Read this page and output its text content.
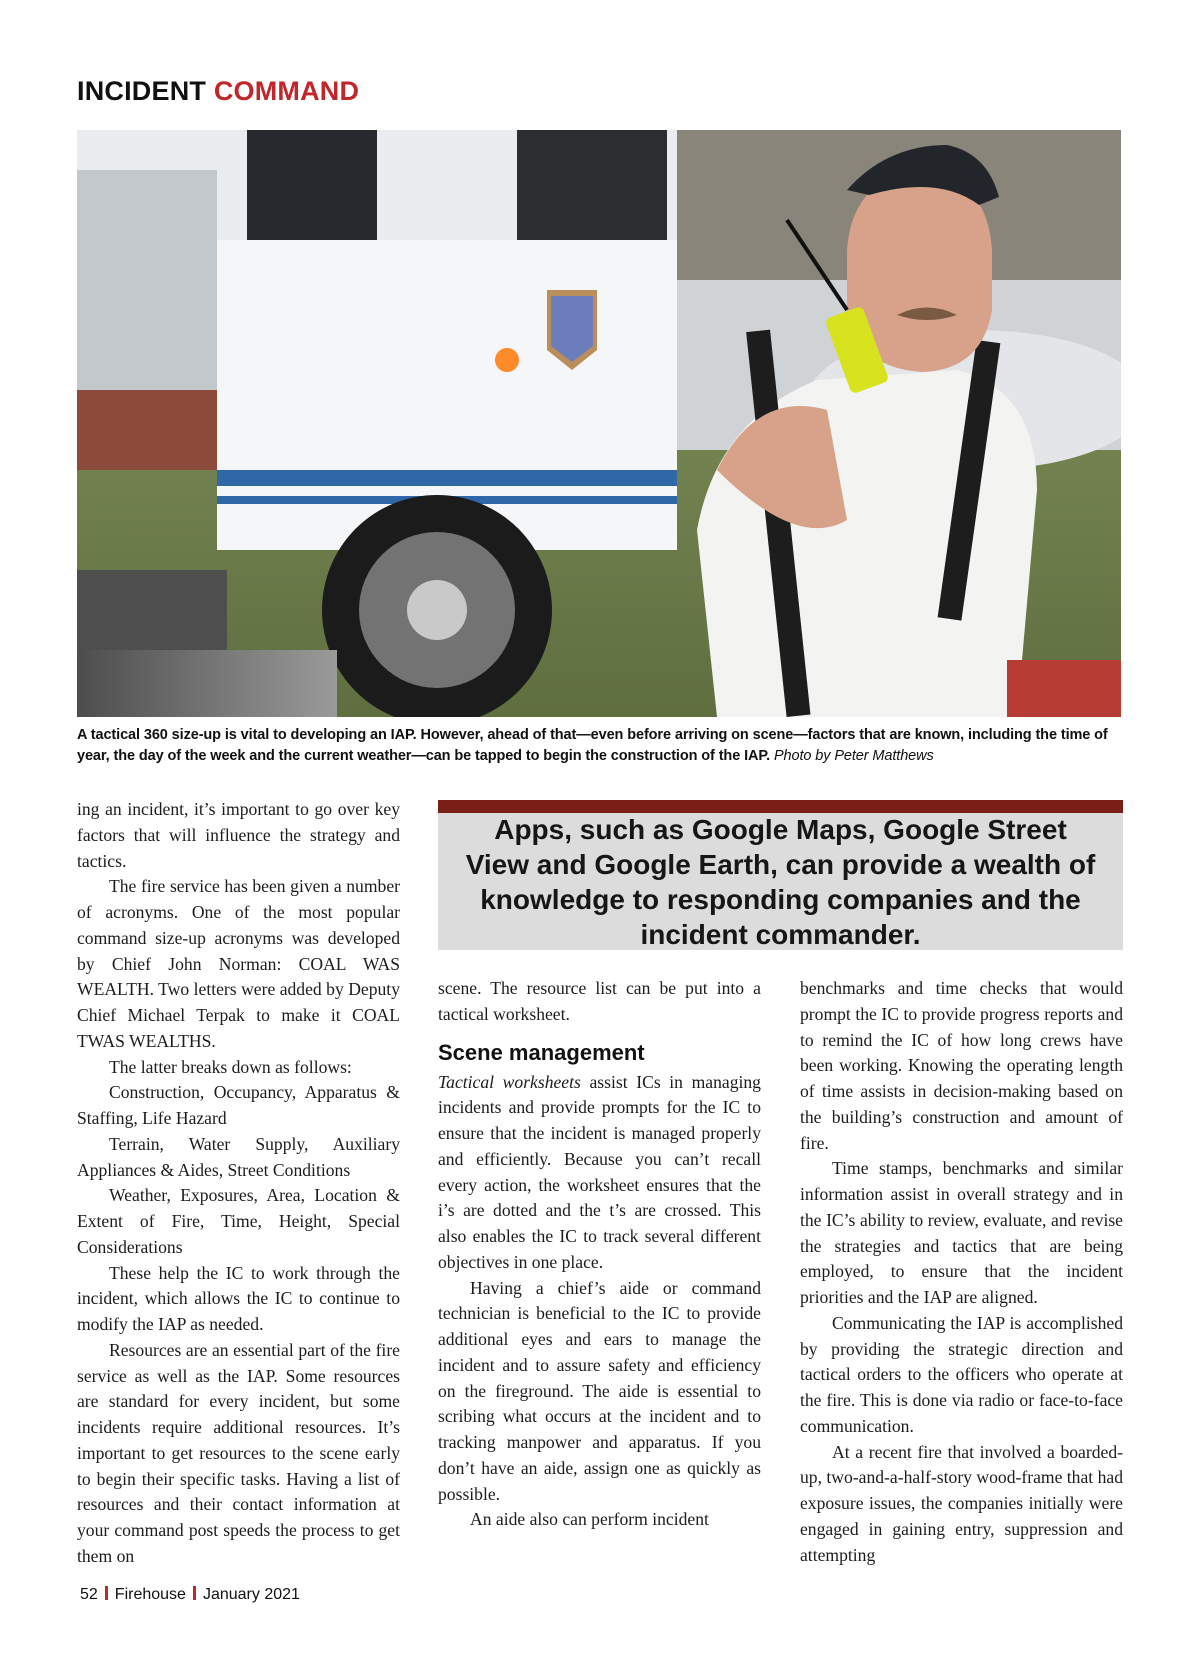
INCIDENT COMMAND
A tactical 360 size-up is vital to developing an IAP. However, ahead of that—even before arriving on scene—factors that are known, including the time of year, the day of the week and the current weather—can be tapped to begin the construction of the IAP. Photo by Peter Matthews

ing an incident, it’s important to go over key factors that will influence the strategy and tactics.

The fire service has been given a number of acronyms. One of the most popular command size-up acronyms was developed by Chief John Norman: COAL WAS WEALTH. Two letters were added by Deputy Chief Michael Terpak to make it COAL TWAS WEALTHS.

The latter breaks down as follows:

Construction, Occupancy, Apparatus & Staffing, Life Hazard

Terrain, Water Supply, Auxiliary Appliances & Aides, Street Conditions

Weather, Exposures, Area, Location & Extent of Fire, Time, Height, Special Considerations

These help the IC to work through the incident, which allows the IC to continue to modify the IAP as needed.

Resources are an essential part of the fire service as well as the IAP. Some resources are standard for every incident, but some incidents require additional resources. It’s important to get resources to the scene early to begin their specific tasks. Having a list of resources and their contact information at your command post speeds the process to get them on

Apps, such as Google Maps, Google Street View and Google Earth, can provide a wealth of knowledge to responding companies and the incident commander.

scene. The resource list can be put into a tactical worksheet.

Scene management

Tactical worksheets assist ICs in managing incidents and provide prompts for the IC to ensure that the incident is managed properly and efficiently. Because you can’t recall every action, the worksheet ensures that the i’s are dotted and the t’s are crossed. This also enables the IC to track several different objectives in one place.

Having a chief’s aide or command technician is beneficial to the IC to provide additional eyes and ears to manage the incident and to assure safety and efficiency on the fireground. The aide is essential to scribing what occurs at the incident and to tracking manpower and apparatus. If you don’t have an aide, assign one as quickly as possible.

An aide also can perform incident

benchmarks and time checks that would prompt the IC to provide progress reports and to remind the IC of how long crews have been working. Knowing the operating length of time assists in decision-making based on the building’s construction and amount of fire.

Time stamps, benchmarks and similar information assist in overall strategy and in the IC’s ability to review, evaluate, and revise the strategies and tactics that are being employed, to ensure that the incident priorities and the IAP are aligned.

Communicating the IAP is accomplished by providing the strategic direction and tactical orders to the officers who operate at the fire. This is done via radio or face-to-face communication.

At a recent fire that involved a boarded-up, two-and-a-half-story wood-frame that had exposure issues, the companies initially were engaged in gaining entry, suppression and attempting

52 Firehouse January 2021
